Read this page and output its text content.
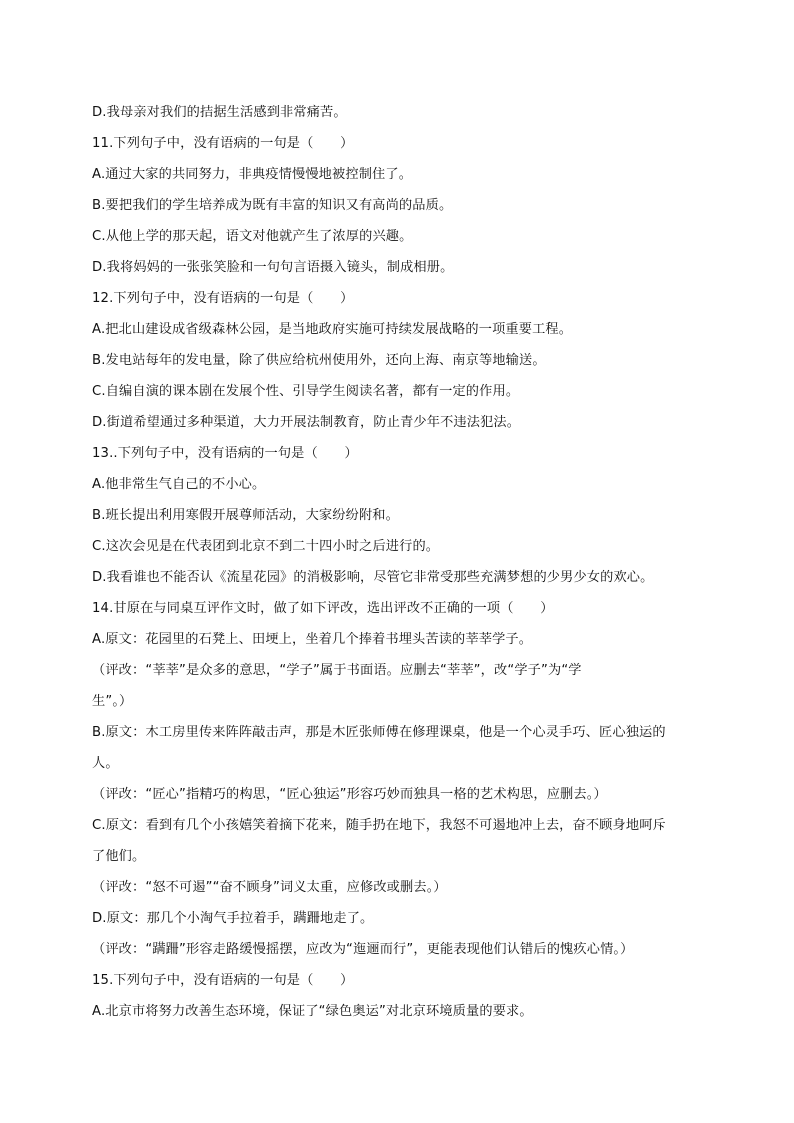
D.我母亲对我们的拮据生活感到非常痛苦。
11.下列句子中，没有语病的一句是（　　）
A.通过大家的共同努力，非典疫情慢慢地被控制住了。
B.要把我们的学生培养成为既有丰富的知识又有高尚的品质。
C.从他上学的那天起，语文对他就产生了浓厚的兴趣。
D.我将妈妈的一张张笑脸和一句句言语摄入镜头，制成相册。
12.下列句子中，没有语病的一句是（　　）
A.把北山建设成省级森林公园，是当地政府实施可持续发展战略的一项重要工程。
B.发电站每年的发电量，除了供应给杭州使用外，还向上海、南京等地输送。
C.自编自演的课本剧在发展个性、引导学生阅读名著，都有一定的作用。
D.街道希望通过多种渠道，大力开展法制教育，防止青少年不违法犯法。
13..下列句子中，没有语病的一句是（　　）
A.他非常生气自己的不小心。
B.班长提出利用寒假开展尊师活动，大家纷纷附和。
C.这次会见是在代表团到北京不到二十四小时之后进行的。
D.我看谁也不能否认《流星花园》的消极影响，尽管它非常受那些充满梦想的少男少女的欢心。
14.甘原在与同桌互评作文时，做了如下评改，选出评改不正确的一项（　　）
A.原文：花园里的石凳上、田埂上，坐着几个捧着书埋头苦读的莘莘学子。
（评改：“莘莘”是众多的意思，“学子”属于书面语。应删去“莘莘”，改“学子”为“学
生”。）
B.原文：木工房里传来阵阵敲击声，那是木匠张师傅在修理课桌，他是一个心灵手巧、匠心独运的
人。
（评改：“匠心”指精巧的构思，“匠心独运”形容巧妙而独具一格的艺术构思，应删去。）
C.原文：看到有几个小孩嬉笑着摘下花来，随手扔在地下，我怒不可遏地冲上去，奋不顾身地呵斥
了他们。
（评改：“怒不可遏”“奋不顾身”词义太重，应修改或删去。）
D.原文：那几个小淘气手拉着手，蹒跚地走了。
（评改：“蹒跚”形容走路缓慢摇摆，应改为“迤逦而行”，更能表现他们认错后的愧疚心情。）
15.下列句子中，没有语病的一句是（　　）
A.北京市将努力改善生态环境，保证了“绿色奥运”对北京环境质量的要求。
